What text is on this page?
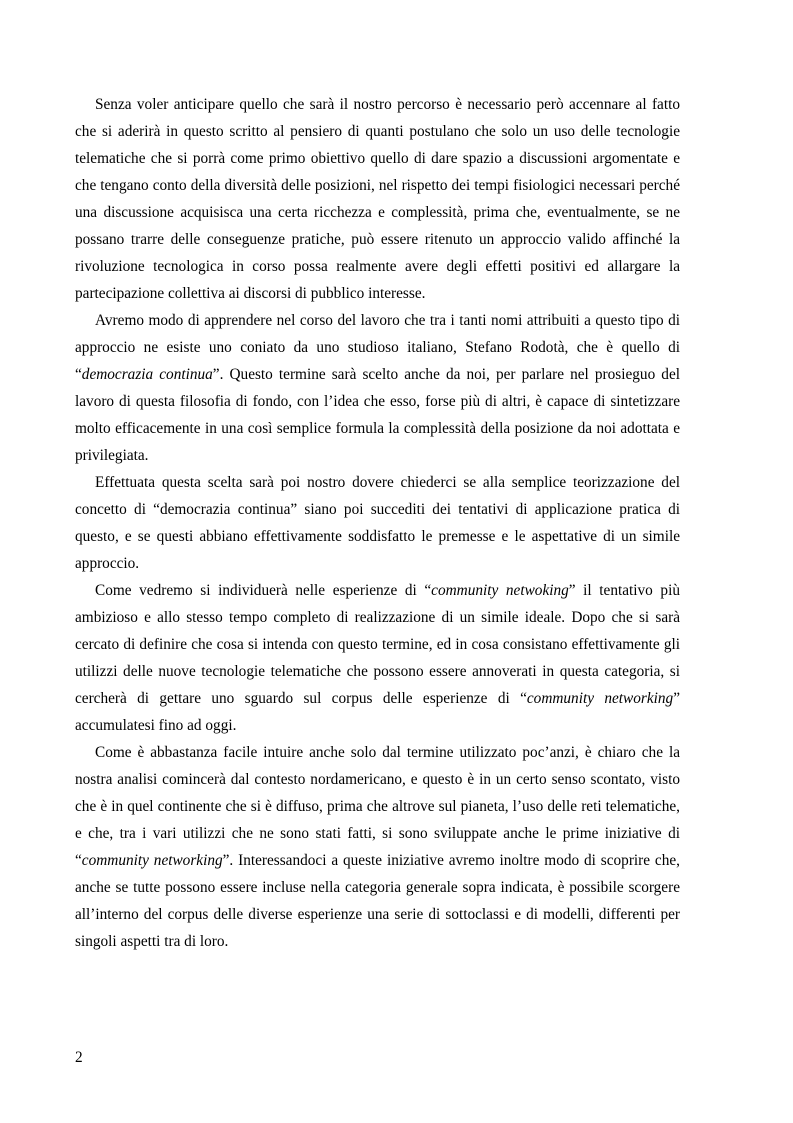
Senza voler anticipare quello che sarà il nostro percorso è necessario però accennare al fatto che si aderirà in questo scritto al pensiero di quanti postulano che solo un uso delle tecnologie telematiche che si porrà come primo obiettivo quello di dare spazio a discussioni argomentate e che tengano conto della diversità delle posizioni, nel rispetto dei tempi fisiologici necessari perché una discussione acquisisca una certa ricchezza e complessità, prima che, eventualmente, se ne possano trarre delle conseguenze pratiche, può essere ritenuto un approccio valido affinché la rivoluzione tecnologica in corso possa realmente avere degli effetti positivi ed allargare la partecipazione collettiva ai discorsi di pubblico interesse.

Avremo modo di apprendere nel corso del lavoro che tra i tanti nomi attribuiti a questo tipo di approccio ne esiste uno coniato da uno studioso italiano, Stefano Rodotà, che è quello di “democrazia continua”. Questo termine sarà scelto anche da noi, per parlare nel prosieguo del lavoro di questa filosofia di fondo, con l’idea che esso, forse più di altri, è capace di sintetizzare molto efficacemente in una così semplice formula la complessità della posizione da noi adottata e privilegiata.

Effettuata questa scelta sarà poi nostro dovere chiederci se alla semplice teorizzazione del concetto di “democrazia continua” siano poi succediti dei tentativi di applicazione pratica di questo, e se questi abbiano effettivamente soddisfatto le premesse e le aspettative di un simile approccio.

Come vedremo si individuerà nelle esperienze di “community netwoking” il tentativo più ambizioso e allo stesso tempo completo di realizzazione di un simile ideale. Dopo che si sarà cercato di definire che cosa si intenda con questo termine, ed in cosa consistano effettivamente gli utilizzi delle nuove tecnologie telematiche che possono essere annoverati in questa categoria, si cercherà di gettare uno sguardo sul corpus delle esperienze di “community networking” accumulatesi fino ad oggi.

Come è abbastanza facile intuire anche solo dal termine utilizzato poc’anzi, è chiaro che la nostra analisi comincerà dal contesto nordamericano, e questo è in un certo senso scontato, visto che è in quel continente che si è diffuso, prima che altrove sul pianeta, l’uso delle reti telematiche, e che, tra i vari utilizzi che ne sono stati fatti, si sono sviluppate anche le prime iniziative di “community networking”. Interessandoci a queste iniziative avremo inoltre modo di scoprire che, anche se tutte possono essere incluse nella categoria generale sopra indicata, è possibile scorgere all’interno del corpus delle diverse esperienze una serie di sottoclassi e di modelli, differenti per singoli aspetti tra di loro.

2
